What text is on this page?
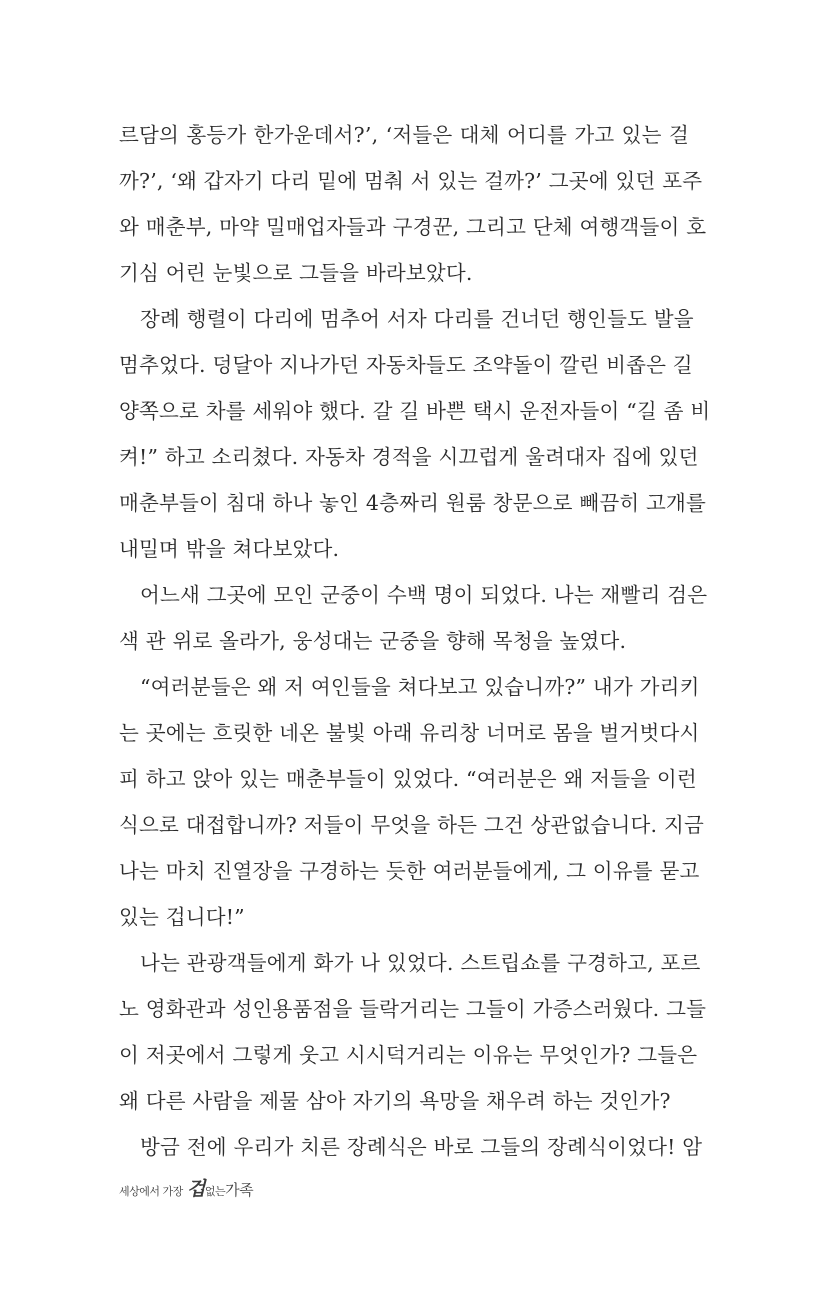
르담의 홍등가 한가운데서?’, ‘저들은 대체 어디를 가고 있는 걸
까?’, ‘왜 갑자기 다리 밑에 멈춰 서 있는 걸까?’ 그곳에 있던 포주
와 매춘부, 마약 밀매업자들과 구경꾼, 그리고 단체 여행객들이 호
기심 어린 눈빛으로 그들을 바라보았다.
장례 행렬이 다리에 멈추어 서자 다리를 건너던 행인들도 발을
멈추었다. 덩달아 지나가던 자동차들도 조약돌이 깔린 비좁은 길
양쪽으로 차를 세워야 했다. 갈 길 바쁜 택시 운전자들이 “길 좀 비
켜!” 하고 소리쳤다. 자동차 경적을 시끄럽게 울려대자 집에 있던
매춘부들이 침대 하나 놓인 4층짜리 원룸 창문으로 빼끔히 고개를
내밀며 밖을 쳐다보았다.
어느새 그곳에 모인 군중이 수백 명이 되었다. 나는 재빨리 검은
색 관 위로 올라가, 웅성대는 군중을 향해 목청을 높였다.
“여러분들은 왜 저 여인들을 쳐다보고 있습니까?” 내가 가리키
는 곳에는 흐릿한 네온 불빛 아래 유리창 너머로 몸을 벌거벗다시
피 하고 앉아 있는 매춘부들이 있었다. “여러분은 왜 저들을 이런
식으로 대접합니까? 저들이 무엇을 하든 그건 상관없습니다. 지금
나는 마치 진열장을 구경하는 듯한 여러분들에게, 그 이유를 묻고
있는 겁니다!”
나는 관광객들에게 화가 나 있었다. 스트립쇼를 구경하고, 포르
노 영화관과 성인용품점을 들락거리는 그들이 가증스러웠다. 그들
이 저곳에서 그렇게 웃고 시시덕거리는 이유는 무엇인가? 그들은
왜 다른 사람을 제물 삼아 자기의 욕망을 채우려 하는 것인가?
방금 전에 우리가 치른 장례식은 바로 그들의 장례식이었다! 암
세상에서 가장 겁없는가족
